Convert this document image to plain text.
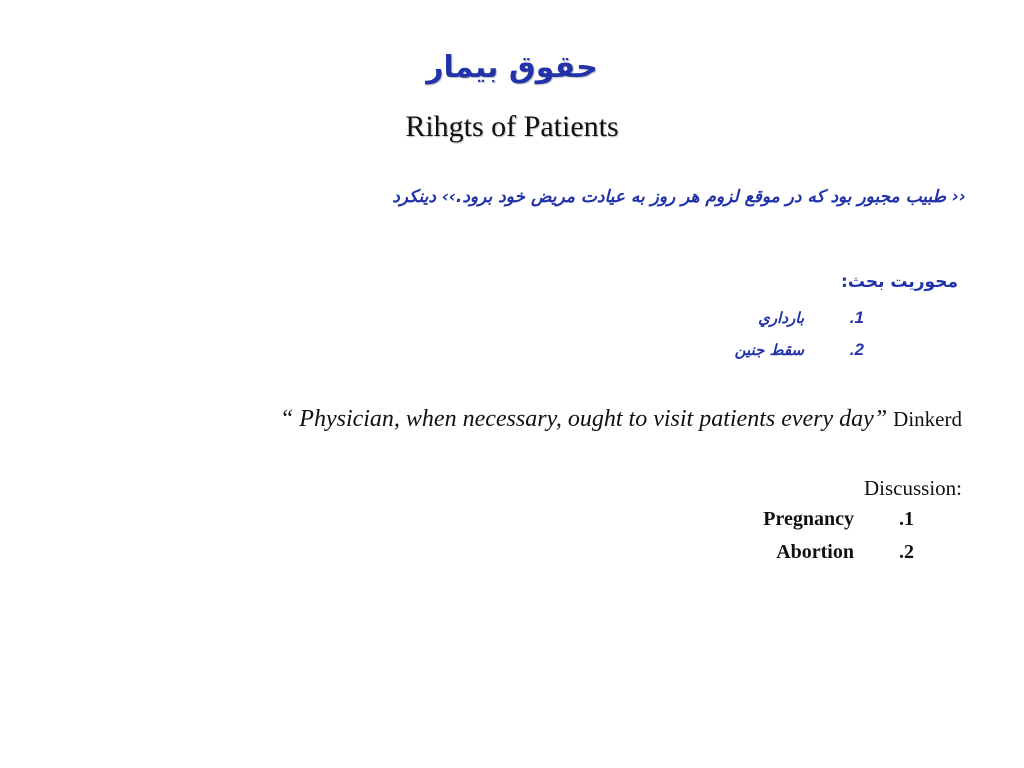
حقوق بيمار
Rihgts of Patients
‹‹ طبيب مجبور بود كه در موقع لزوم هر روز به عيادت مريض خود برود.›› دينكرد
محوريت بحث:
1.
بارداري
2.
سقط جنين
“ Physician, when necessary, ought to visit patients every day” Dinkerd
Discussion:
Pregnancy	.1
Abortion	.2
